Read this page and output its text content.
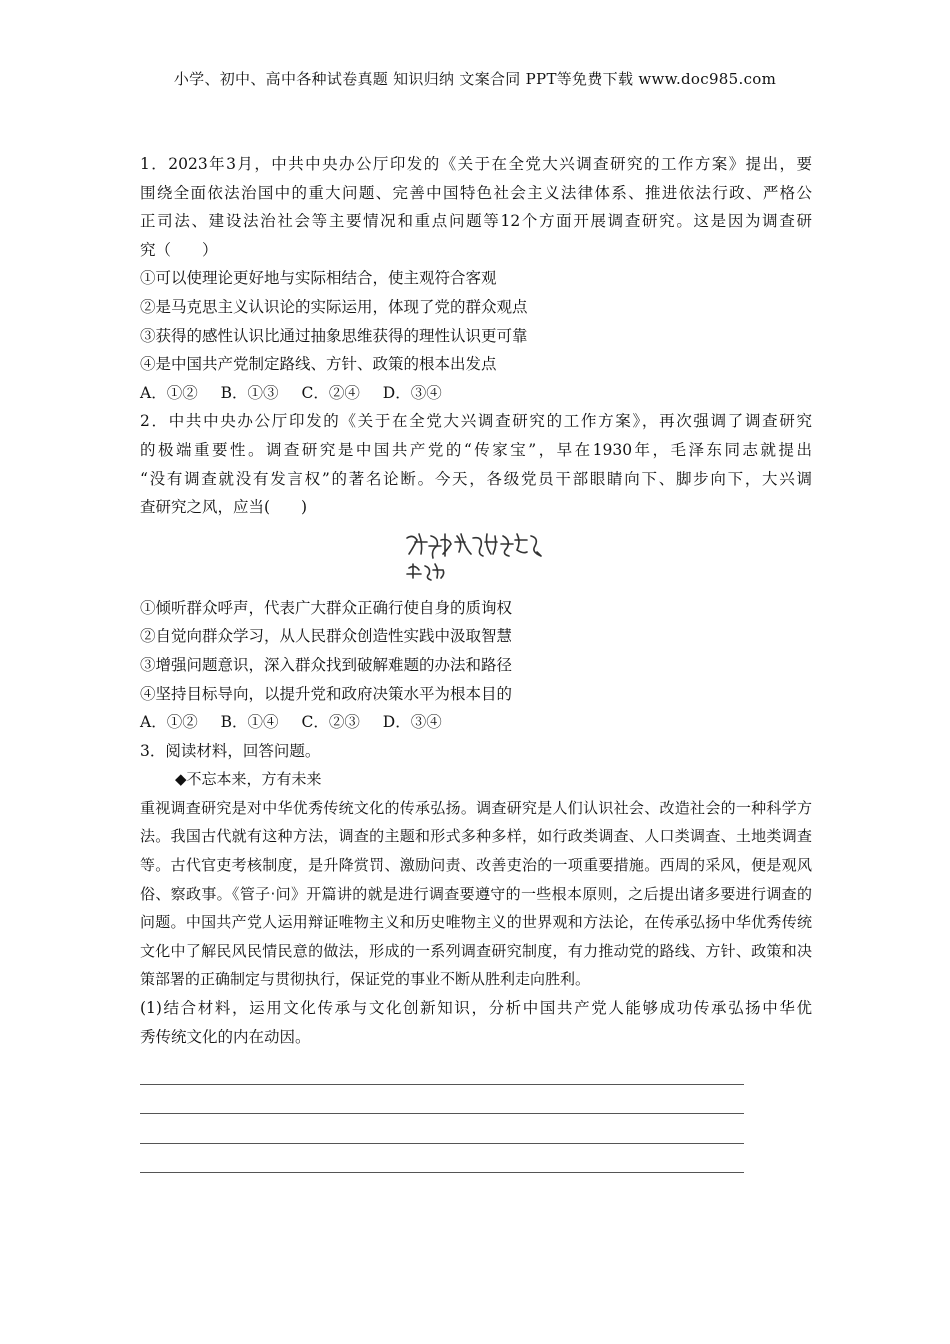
小学、初中、高中各种试卷真题 知识归纳 文案合同 PPT等免费下载 www.doc985.com
1．2023年3月，中共中央办公厅印发的《关于在全党大兴调查研究的工作方案》提出，要
围绕全面依法治国中的重大问题、完善中国特色社会主义法律体系、推进依法行政、严格公
正司法、建设法治社会等主要情况和重点问题等12个方面开展调查研究。这是因为调查研
究（　　）
①可以使理论更好地与实际相结合，使主观符合客观
②是马克思主义认识论的实际运用，体现了党的群众观点
③获得的感性认识比通过抽象思维获得的理性认识更可靠
④是中国共产党制定路线、方针、政策的根本出发点
A．①② B．①③ C．②④ D．③④
2．中共中央办公厅印发的《关于在全党大兴调查研究的工作方案》，再次强调了调查研究
的极端重要性。调查研究是中国共产党的“传家宝”，早在1930年，毛泽东同志就提出
“没有调查就没有发言权”的著名论断。今天，各级党员干部眼睛向下、脚步向下，大兴调
查研究之风，应当(　　)
①倾听群众呼声，代表广大群众正确行使自身的质询权
②自觉向群众学习，从人民群众创造性实践中汲取智慧
③增强问题意识，深入群众找到破解难题的办法和路径
④坚持目标导向，以提升党和政府决策水平为根本目的
A．①② B．①④ C．②③ D．③④
3．阅读材料，回答问题。
◆不忘本来，方有未来
重视调查研究是对中华优秀传统文化的传承弘扬。调查研究是人们认识社会、改造社会的一种科学方法。我国古代就有这种方法，调查的主题和形式多种多样，如行政类调查、人口类调查、土地类调查等。古代官吏考核制度，是升降赏罚、激励问责、改善吏治的一项重要措施。西周的采风，便是观风俗、察政事。《管子·问》开篇讲的就是进行调查要遵守的一些根本原则，之后提出诸多要进行调查的问题。中国共产党人运用辩证唯物主义和历史唯物主义的世界观和方法论，在传承弘扬中华优秀传统文化中了解民风民情民意的做法，形成的一系列调查研究制度，有力推动党的路线、方针、政策和决策部署的正确制定与贯彻执行，保证党的事业不断从胜利走向胜利。
(1)结合材料，运用文化传承与文化创新知识，分析中国共产党人能够成功传承弘扬中华优
秀传统文化的内在动因。
